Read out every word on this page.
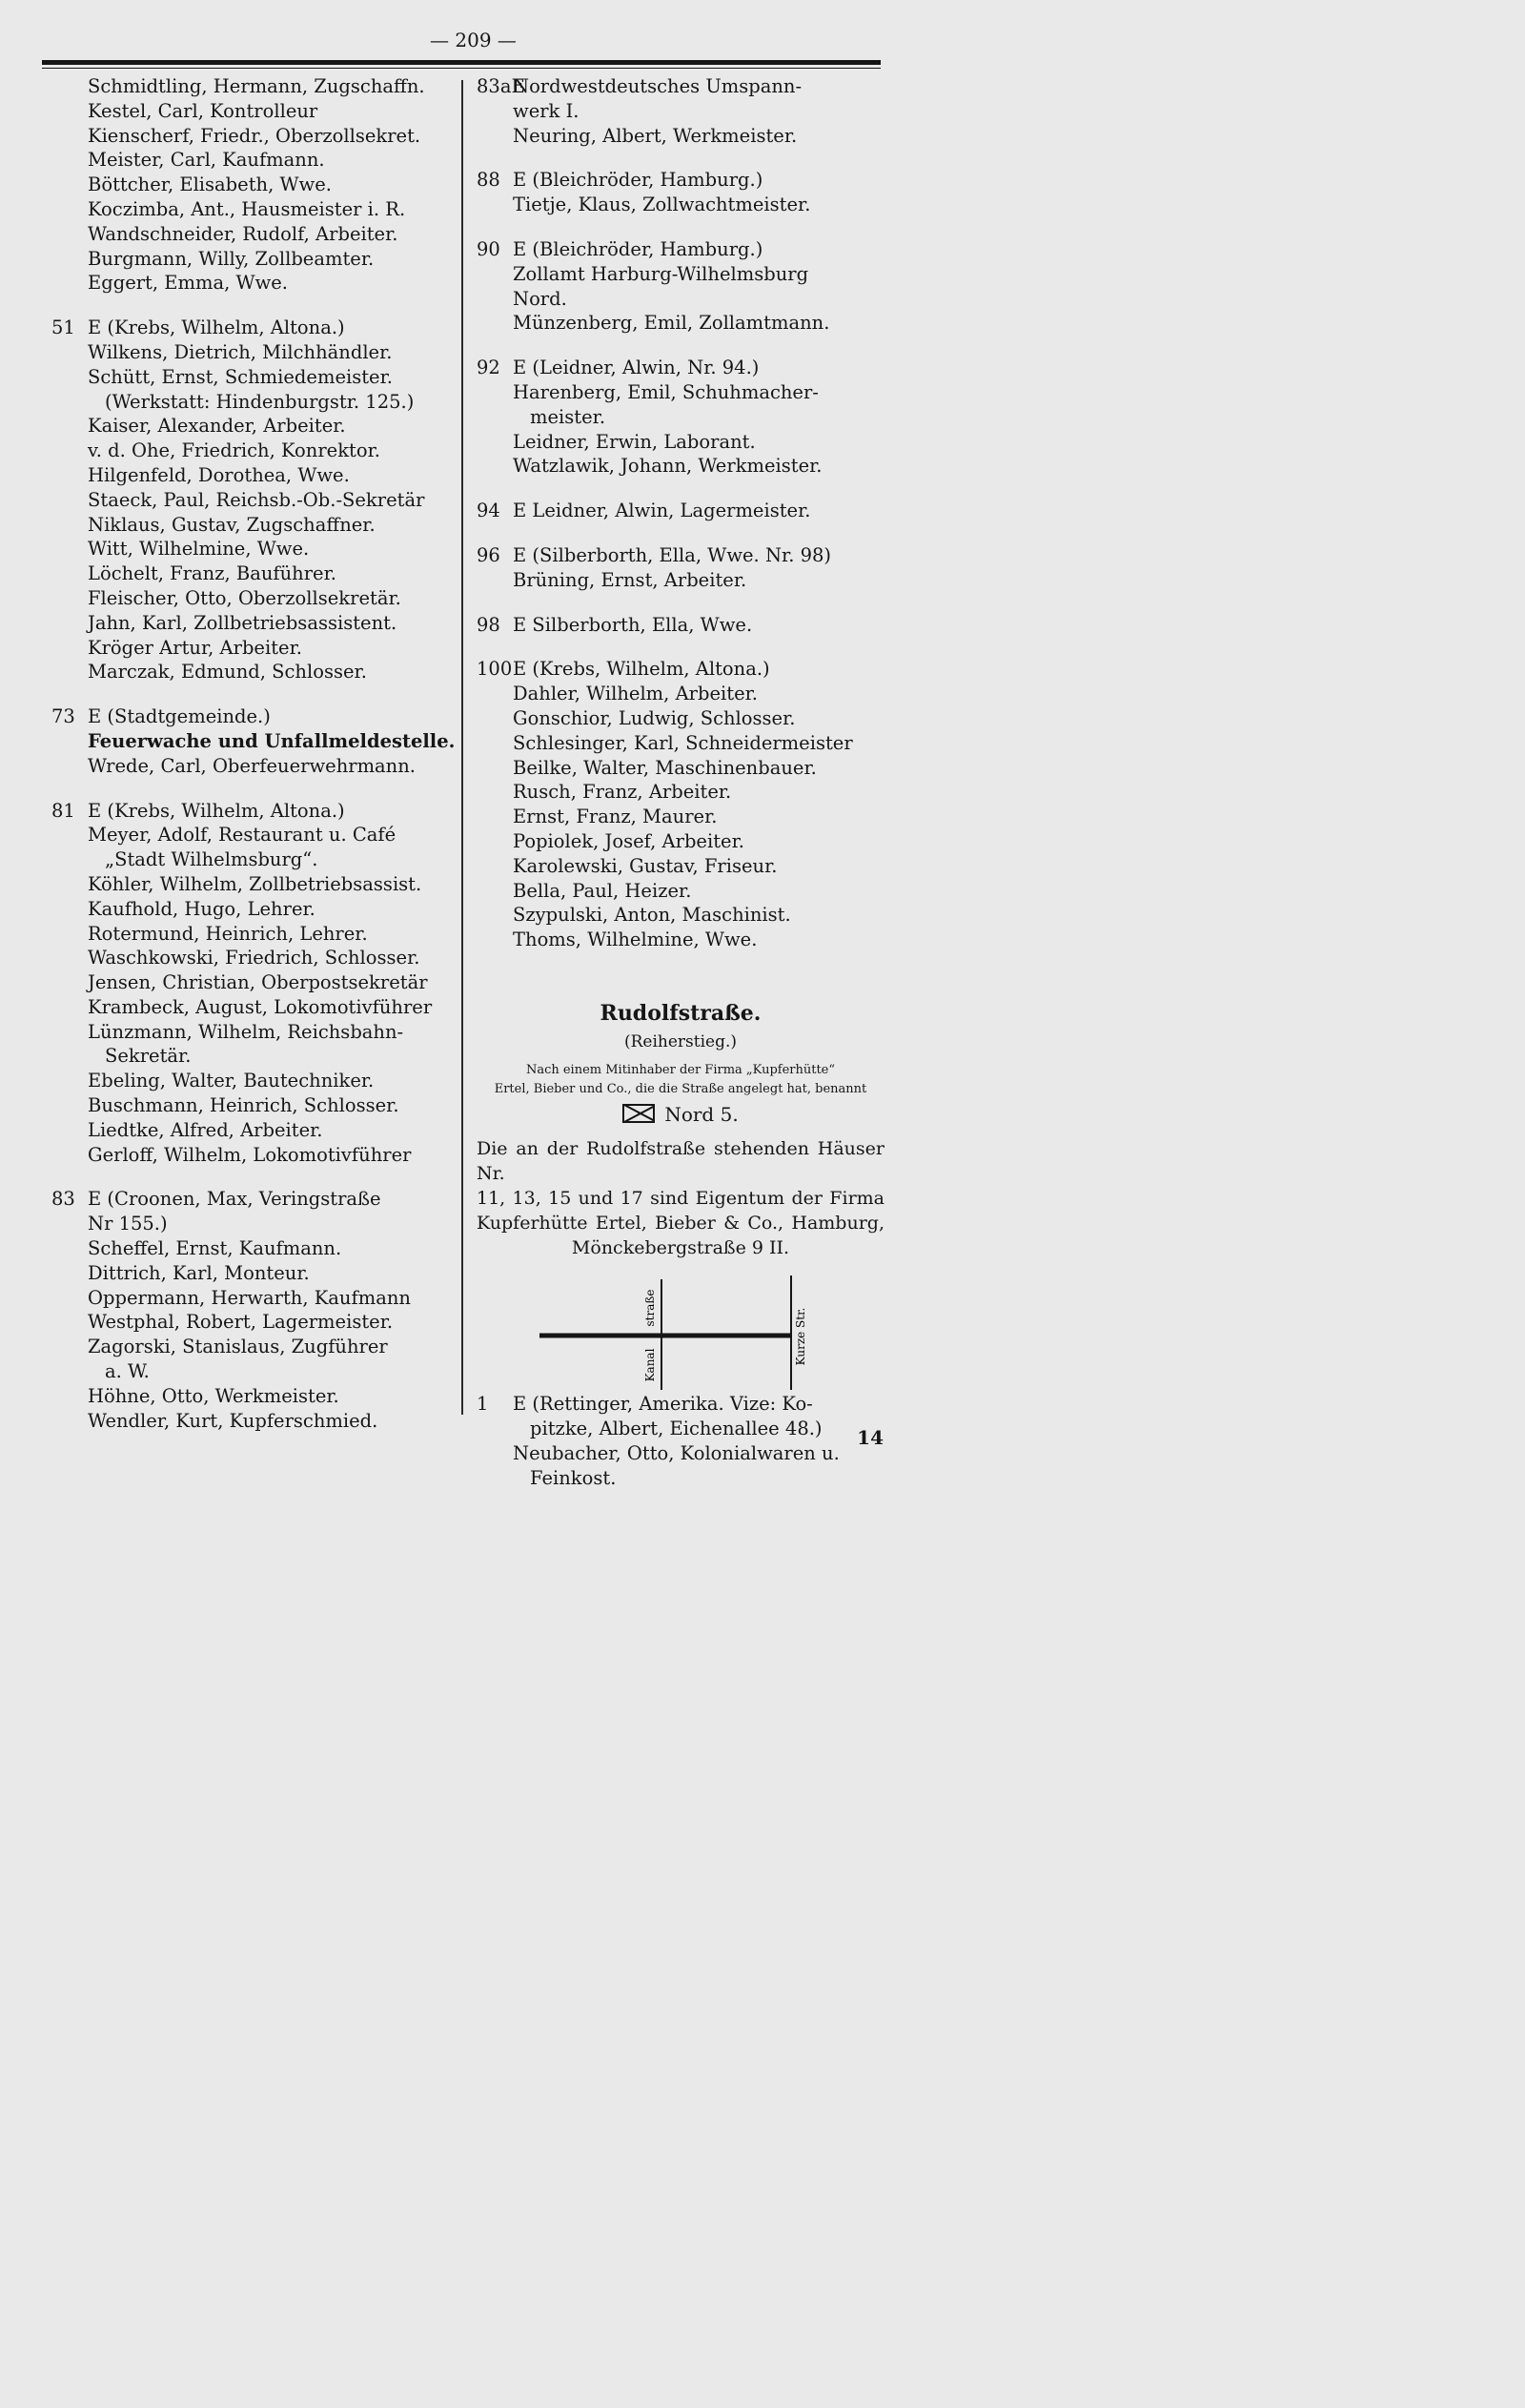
— 209 —
Schmidtling, Hermann, Zugschaffn.
Kestel, Carl, Kontrolleur
Kienscherf, Friedr., Oberzollsekret.
Meister, Carl, Kaufmann.
Böttcher, Elisabeth, Wwe.
Koczimba, Ant., Hausmeister i. R.
Wandschneider, Rudolf, Arbeiter.
Burgmann, Willy, Zollbeamter.
Eggert, Emma, Wwe.
51 E (Krebs, Wilhelm, Altona.)
Wilkens, Dietrich, Milchhändler.
Schütt, Ernst, Schmiedemeister.
(Werkstatt: Hindenburgstr. 125.)
Kaiser, Alexander, Arbeiter.
v. d. Ohe, Friedrich, Konrektor.
Hilgenfeld, Dorothea, Wwe.
Staeck, Paul, Reichsb.-Ob.-Sekretär
Niklaus, Gustav, Zugschaffner.
Witt, Wilhelmine, Wwe.
Löchelt, Franz, Bauführer.
Fleischer, Otto, Oberzollsekretär.
Jahn, Karl, Zollbetriebsassistent.
Kröger Artur, Arbeiter.
Marczak, Edmund, Schlosser.
73 E (Stadtgemeinde.)
Feuerwache und Unfallmeldestelle.
Wrede, Carl, Oberfeuerwehrmann.
81 E (Krebs, Wilhelm, Altona.)
Meyer, Adolf, Restaurant u. Café
„Stadt Wilhelmsburg“.
Köhler, Wilhelm, Zollbetriebsassist.
Kaufhold, Hugo, Lehrer.
Rotermund, Heinrich, Lehrer.
Waschkowski, Friedrich, Schlosser.
Jensen, Christian, Oberpostsekretär
Krambeck, August, Lokomotivführer
Lünzmann, Wilhelm, Reichsbahn-
Sekretär.
Ebeling, Walter, Bautechniker.
Buschmann, Heinrich, Schlosser.
Liedtke, Alfred, Arbeiter.
Gerloff, Wilhelm, Lokomotivführer
83 E (Croonen, Max, Veringstraße
Nr 155.)
Scheffel, Ernst, Kaufmann.
Dittrich, Karl, Monteur.
Oppermann, Herwarth, Kaufmann
Westphal, Robert, Lagermeister.
Zagorski, Stanislaus, Zugführer
a. W.
Höhne, Otto, Werkmeister.
Wendler, Kurt, Kupferschmied.
83aENordwestdeutsches Umspann-
werk I.
Neuring, Albert, Werkmeister.
88 E (Bleichröder, Hamburg.)
Tietje, Klaus, Zollwachtmeister.
90 E (Bleichröder, Hamburg.)
Zollamt Harburg-Wilhelmsburg
Nord.
Münzenberg, Emil, Zollamtmann.
92 E (Leidner, Alwin, Nr. 94.)
Harenberg, Emil, Schuhmacher-
meister.
Leidner, Erwin, Laborant.
Watzlawik, Johann, Werkmeister.
94 E Leidner, Alwin, Lagermeister.
96 E (Silberborth, Ella, Wwe. Nr. 98)
Brüning, Ernst, Arbeiter.
98 E Silberborth, Ella, Wwe.
100E (Krebs, Wilhelm, Altona.)
Dahler, Wilhelm, Arbeiter.
Gonschior, Ludwig, Schlosser.
Schlesinger, Karl, Schneidermeister
Beilke, Walter, Maschinenbauer.
Rusch, Franz, Arbeiter.
Ernst, Franz, Maurer.
Popiolek, Josef, Arbeiter.
Karolewski, Gustav, Friseur.
Bella, Paul, Heizer.
Szypulski, Anton, Maschinist.
Thoms, Wilhelmine, Wwe.
Rudolfstraße.
(Reiherstieg.)
Nach einem Mitinhaber der Firma „Kupferhütte“
Ertel, Bieber und Co., die die Straße angelegt hat, benannt
Nord 5.
Die an der Rudolfstraße stehenden Häuser Nr.
11, 13, 15 und 17 sind Eigentum der Firma
Kupferhütte Ertel, Bieber & Co., Hamburg,
Mönckebergstraße 9 II.
straße
Kanal	Kurze Str.
1 E (Rettinger, Amerika. Vize: Ko-
pitzke, Albert, Eichenallee 48.)
Neubacher, Otto, Kolonialwaren u.
Feinkost.
14
